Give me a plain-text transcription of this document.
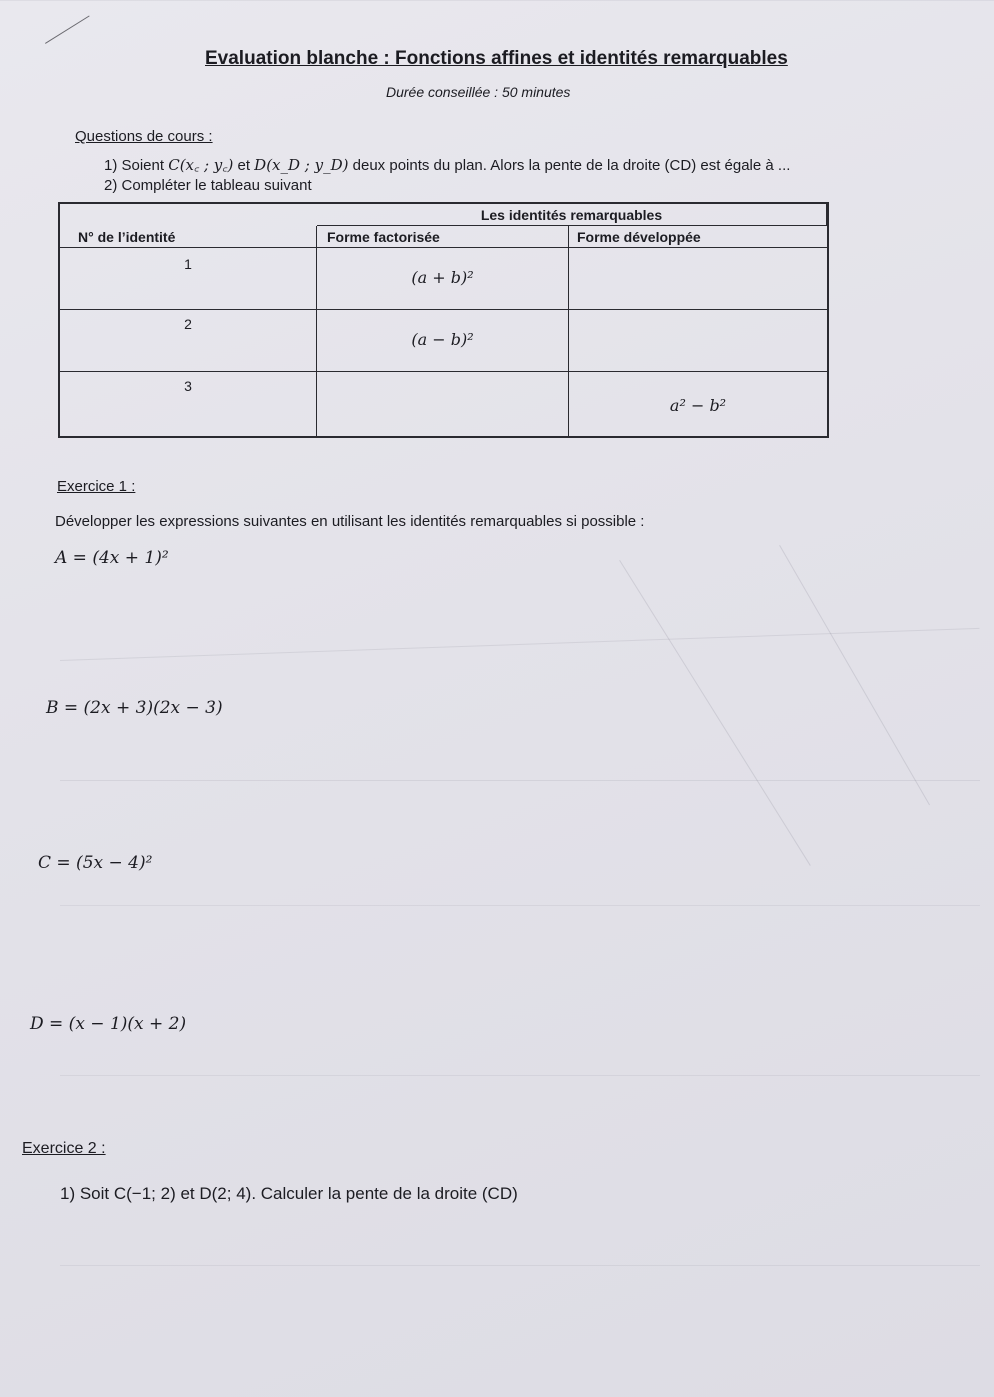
Evaluation blanche : Fonctions affines et identités remarquables
Durée conseillée : 50 minutes
Questions de cours :
1) Soient C(x꜀ ; y꜀) et D(x_D ; y_D) deux points du plan. Alors la pente de la droite (CD) est égale à ...
2) Compléter le tableau suivant
Les identités remarquables
N° de l’identité	Forme factorisée	Forme développée
1
(a + b)²
2
(a − b)²
3
a² − b²
Exercice 1 :
Développer les expressions suivantes en utilisant les identités remarquables si possible :
A = (4x + 1)²
B = (2x + 3)(2x − 3)
C = (5x − 4)²
D = (x − 1)(x + 2)
Exercice 2 :
1) Soit C(−1; 2) et D(2; 4). Calculer la pente de la droite (CD)
